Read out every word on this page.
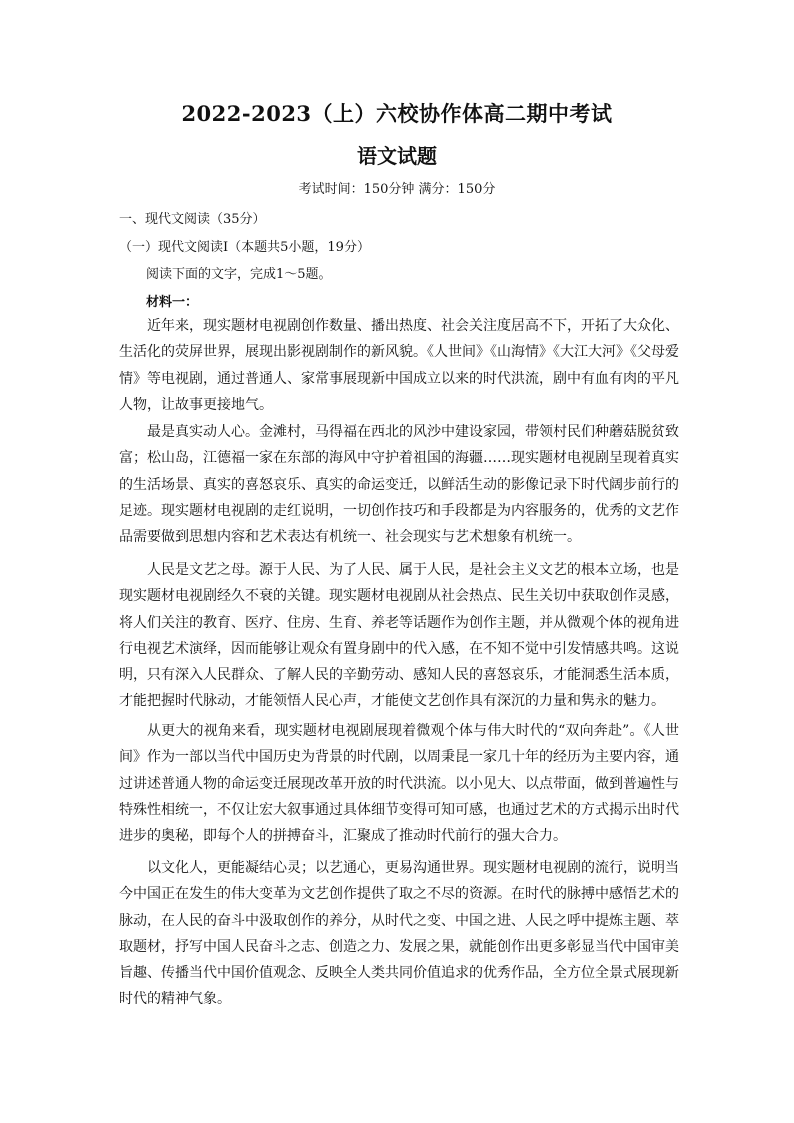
2022-2023（上）六校协作体高二期中考试
语文试题
考试时间：150分钟 满分：150分
一、现代文阅读（35分）
（一）现代文阅读Ⅰ（本题共5小题，19分）
阅读下面的文字，完成1～5题。
材料一：

近年来，现实题材电视剧创作数量、播出热度、社会关注度居高不下，开拓了大众化、生活化的荧屏世界，展现出影视剧制作的新风貌。《人世间》《山海情》《大江大河》《父母爱情》等电视剧，通过普通人、家常事展现新中国成立以来的时代洪流，剧中有血有肉的平凡人物，让故事更接地气。

最是真实动人心。金滩村，马得福在西北的风沙中建设家园，带领村民们种蘑菇脱贫致富；松山岛，江德福一家在东部的海风中守护着祖国的海疆……现实题材电视剧呈现着真实的生活场景、真实的喜怒哀乐、真实的命运变迁，以鲜活生动的影像记录下时代阔步前行的足迹。现实题材电视剧的走红说明，一切创作技巧和手段都是为内容服务的，优秀的文艺作品需要做到思想内容和艺术表达有机统一、社会现实与艺术想象有机统一。

人民是文艺之母。源于人民、为了人民、属于人民，是社会主义文艺的根本立场，也是现实题材电视剧经久不衰的关键。现实题材电视剧从社会热点、民生关切中获取创作灵感，将人们关注的教育、医疗、住房、生育、养老等话题作为创作主题，并从微观个体的视角进行电视艺术演绎，因而能够让观众有置身剧中的代入感，在不知不觉中引发情感共鸣。这说明，只有深入人民群众、了解人民的辛勤劳动、感知人民的喜怒哀乐，才能洞悉生活本质，才能把握时代脉动，才能领悟人民心声，才能使文艺创作具有深沉的力量和隽永的魅力。

从更大的视角来看，现实题材电视剧展现着微观个体与伟大时代的“双向奔赴”。《人世间》作为一部以当代中国历史为背景的时代剧，以周秉昆一家几十年的经历为主要内容，通过讲述普通人物的命运变迁展现改革开放的时代洪流。以小见大、以点带面，做到普遍性与特殊性相统一，不仅让宏大叙事通过具体细节变得可知可感，也通过艺术的方式揭示出时代进步的奥秘，即每个人的拼搏奋斗，汇聚成了推动时代前行的强大合力。

以文化人，更能凝结心灵；以艺通心，更易沟通世界。现实题材电视剧的流行，说明当今中国正在发生的伟大变革为文艺创作提供了取之不尽的资源。在时代的脉搏中感悟艺术的脉动，在人民的奋斗中汲取创作的养分，从时代之变、中国之进、人民之呼中提炼主题、萃取题材，抒写中国人民奋斗之志、创造之力、发展之果，就能创作出更多彰显当代中国审美旨趣、传播当代中国价值观念、反映全人类共同价值追求的优秀作品，全方位全景式展现新时代的精神气象。
